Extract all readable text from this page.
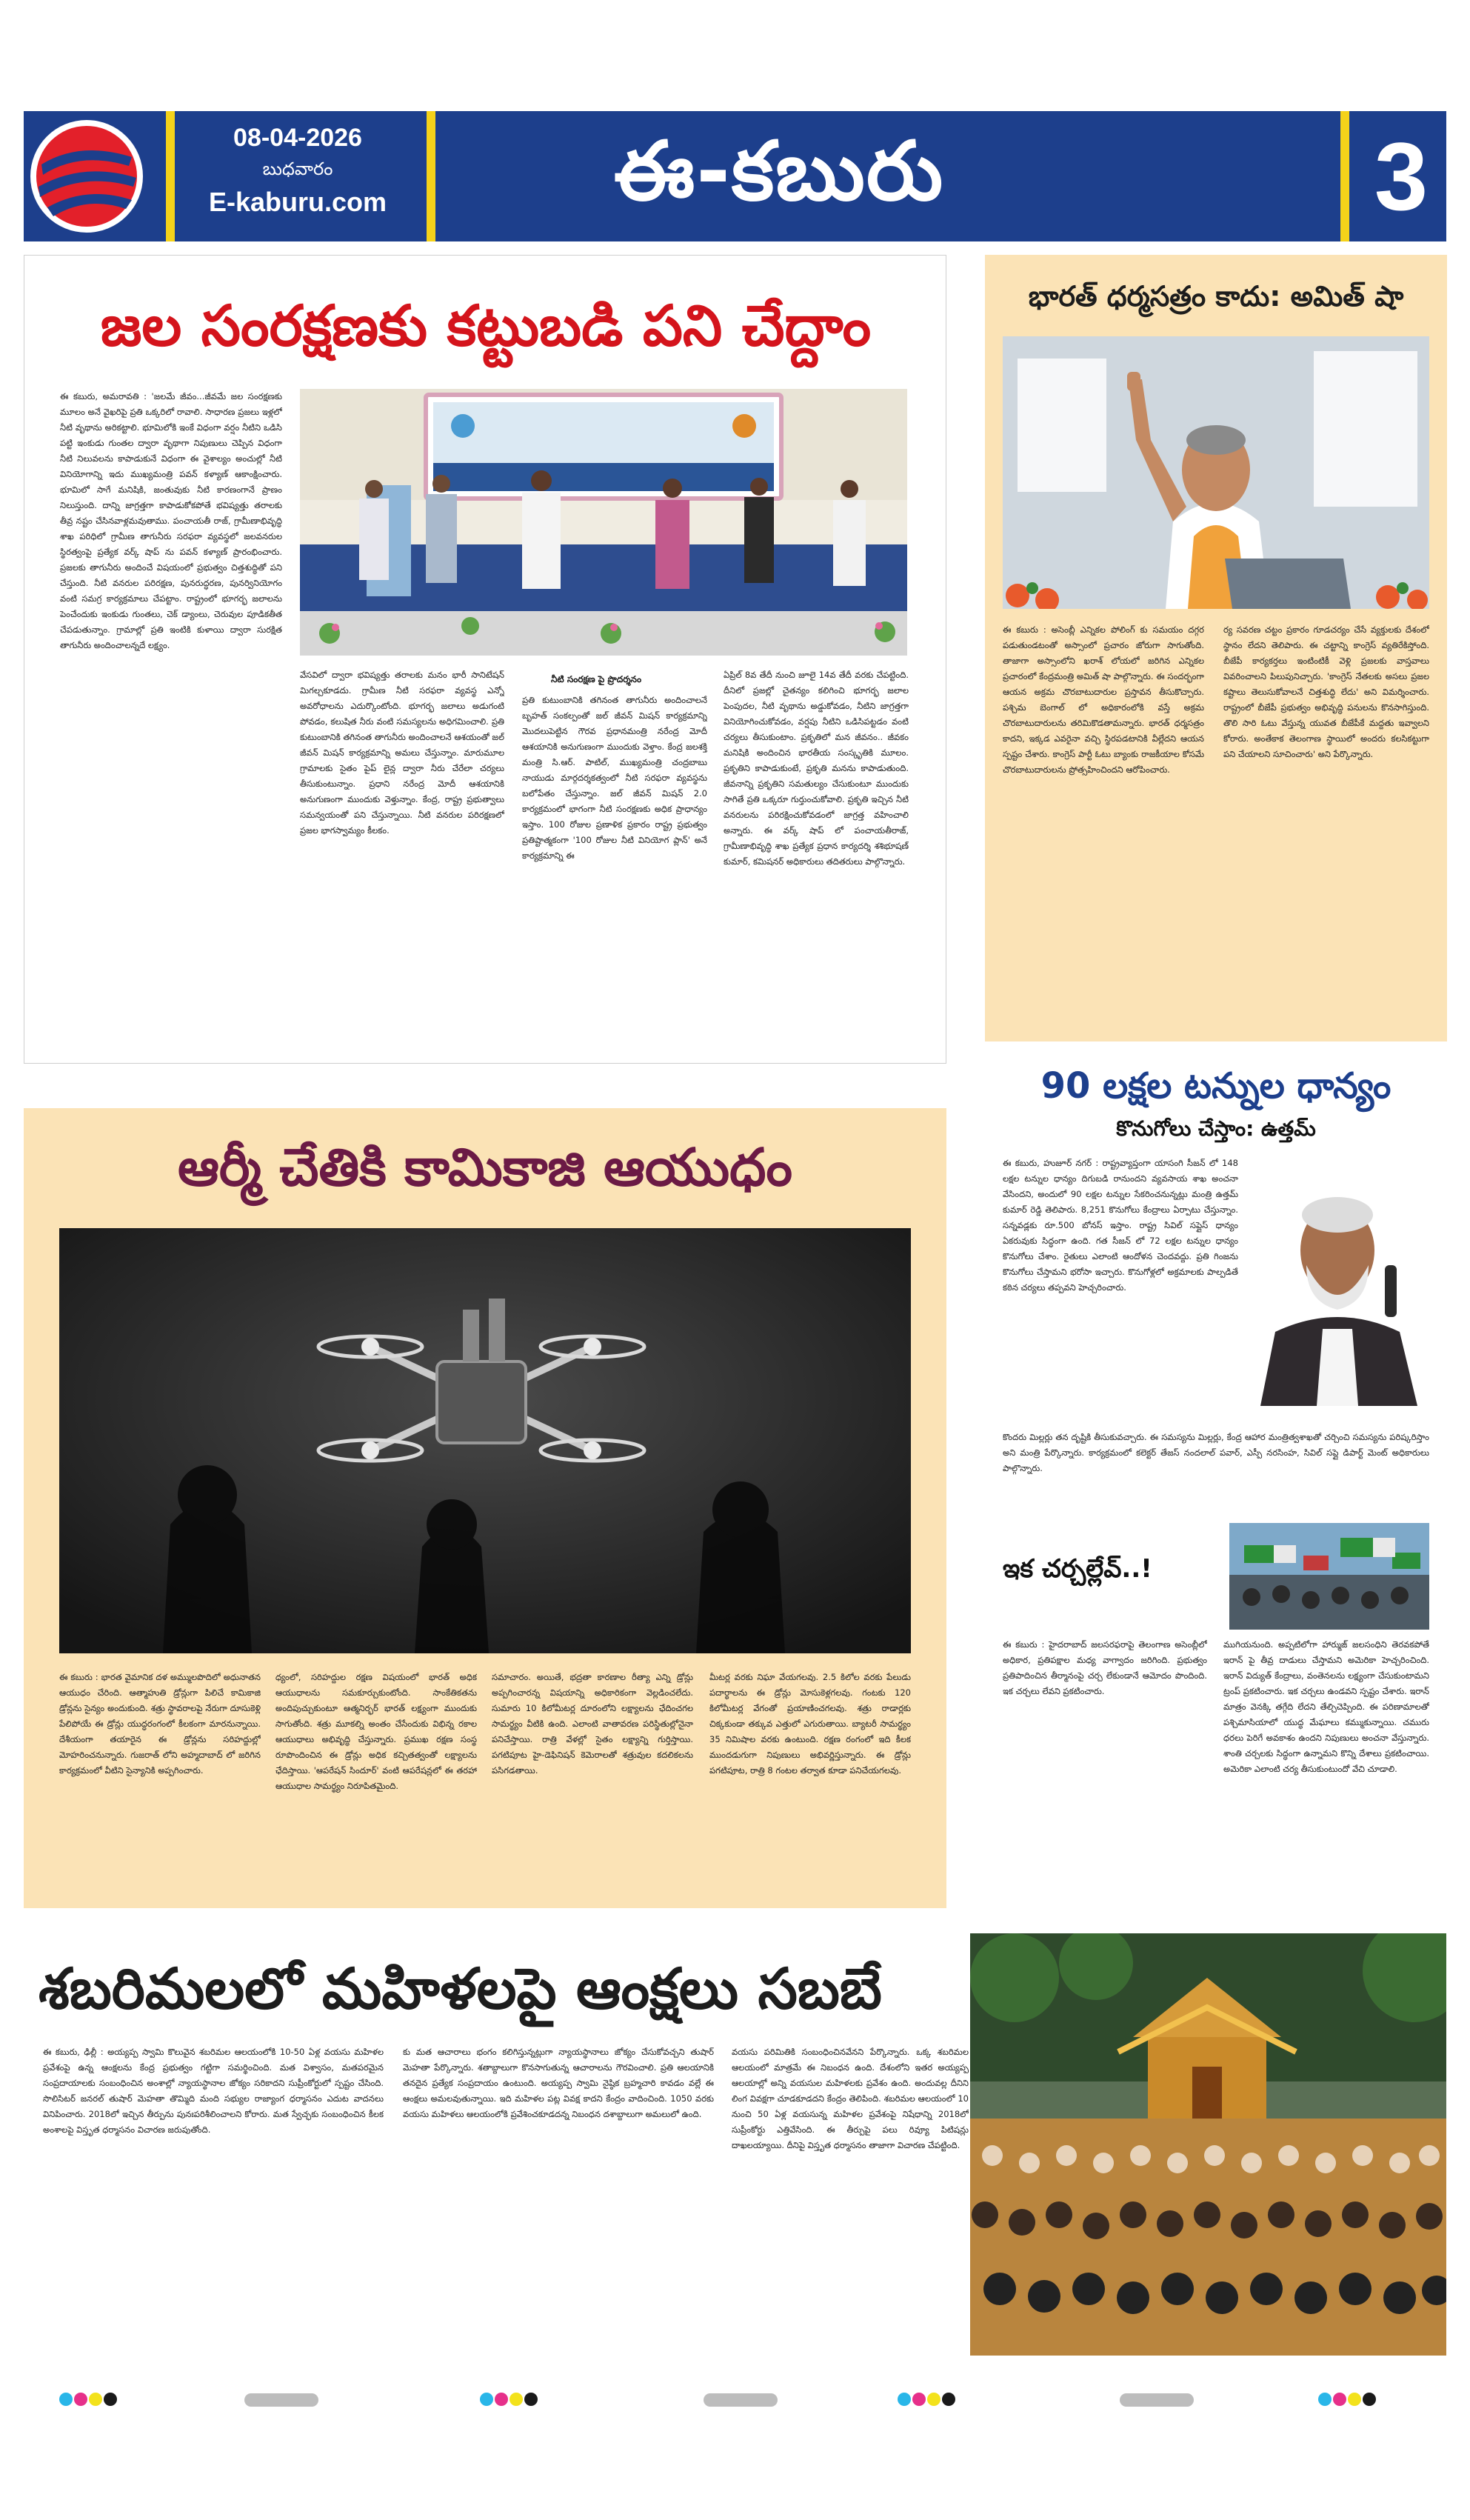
08-04-2026
బుధవారం
E-kaburu.com	ఈ-కబురు	3
జల సంరక్షణకు కట్టుబడి పని చేద్దాం

ఈ కబురు, అమరావతి : 'జలమే జీవం...జీవమే జల సంరక్షణకు మూలం అనే వైఖరిపై ప్రతి ఒక్కరిలో రావాలి. సాధారణ ప్రజలు ఇళ్లలో నీటి వృథాను అరికట్టాలి. భూమిలోకి ఇంకే విధంగా వర్షం నీటిని ఒడిసి పట్టి ఇంకుడు గుంతల ద్వారా వృథాగా నిపుణులు చెప్పిన విధంగా నీటి నిలువలను కాపాడుకునే విధంగా ఈ వైశాల్యం అంచుల్లో నీటి వినియోగాన్ని ఇదు ముఖ్యమంత్రి పవన్ కళ్యాణ్ ఆకాంక్షించారు. భూమిలో సాగే మనిషికి, జంతువుకు నీటి కారణంగానే ప్రాణం నిలుస్తుంది. దాన్ని జాగ్రత్తగా కాపాడుకోకపోతే భవిష్యత్తు తరాలకు తీవ్ర నష్టం చేసినవాళ్లమవుతాము. పంచాయతీ రాజ్, గ్రామీణాభివృద్ధి శాఖ పరిధిలో గ్రామీణ తాగునీరు సరఫరా వ్యవస్థలో జలవనరుల స్థిరత్వంపై ప్రత్యేక వర్క్ షాప్ ను పవన్ కళ్యాణ్ ప్రారంభించారు. ప్రజలకు తాగునీరు అందించే విషయంలో ప్రభుత్వం చిత్తశుద్ధితో పని చేస్తుంది. నీటి వనరుల పరిరక్షణ, పునరుద్ధరణ, పునర్వినియోగం వంటి సమగ్ర కార్యక్రమాలు చేపట్టాం. రాష్ట్రంలో భూగర్భ జలాలను పెంచేందుకు ఇంకుడు గుంతలు, చెక్ డ్యాంలు, చెరువుల పూడికతీత చేపడుతున్నాం. గ్రామాల్లో ప్రతి ఇంటికి కుళాయి ద్వారా సురక్షిత తాగునీరు అందించాలన్నదే లక్ష్యం.

నీటి సంరక్షణ పై ప్రొదర్శనం

వేసవిలో ద్వారా భవిష్యత్తు తరాలకు మనం భారీ సానిటేషన్ మిగల్చకూడదు. గ్రామీణ నీటి సరఫరా వ్యవస్థ ఎన్నో అవరోధాలను ఎదుర్కొంటోంది. భూగర్భ జలాలు అడుగంటి పోవడం, కలుషిత నీరు వంటి సమస్యలను అధిగమించాలి. ప్రతి కుటుంబానికి తగినంత తాగునీరు అందించాలనే ఆశయంతో జల్ జీవన్ మిషన్ కార్యక్రమాన్ని అమలు చేస్తున్నాం. మారుమూల గ్రామాలకు సైతం పైప్ లైన్ల ద్వారా నీరు చేరేలా చర్యలు తీసుకుంటున్నాం. ప్రధాని నరేంద్ర మోదీ ఆశయానికి అనుగుణంగా ముందుకు వెళ్తున్నాం. కేంద్ర, రాష్ట్ర ప్రభుత్వాలు సమన్వయంతో పని చేస్తున్నాయి. నీటి వనరుల పరిరక్షణలో ప్రజల భాగస్వామ్యం కీలకం.

ప్రతి కుటుంబానికి తగినంత తాగునీరు అందించాలనే బృహత్ సంకల్పంతో జల్ జీవన్ మిషన్ కార్యక్రమాన్ని మొదలుపెట్టిన గౌరవ ప్రధానమంత్రి నరేంద్ర మోదీ ఆశయానికి అనుగుణంగా ముందుకు వెళ్తాం. కేంద్ర జలశక్తి మంత్రి సి.ఆర్. పాటిల్, ముఖ్యమంత్రి చంద్రబాబు నాయుడు మార్గదర్శకత్వంలో నీటి సరఫరా వ్యవస్థను బలోపేతం చేస్తున్నాం. జల్ జీవన్ మిషన్ 2.0 కార్యక్రమంలో భాగంగా నీటి సంరక్షణకు అధిక ప్రాధాన్యం ఇస్తాం. 100 రోజుల ప్రణాళిక ప్రకారం రాష్ట్ర ప్రభుత్వం ప్రతిష్టాత్మకంగా '100 రోజుల నీటి వినియోగ ప్లాన్' అనే కార్యక్రమాన్ని ఈ

ఏప్రిల్ 8వ తేదీ నుంచి జూలై 14వ తేదీ వరకు చేపట్టింది. దీనిలో ప్రజల్లో చైతన్యం కలిగించి భూగర్భ జలాల పెంపుదల, నీటి వృథాను అడ్డుకోవడం, నీటిని జాగ్రత్తగా వినియోగించుకోవడం, వర్షపు నీటిని ఒడిసిపట్టడం వంటి చర్యలు తీసుకుంటాం. ప్రకృతిలో మన జీవనం.. జీవకం మనిషికి అందించిన భారతీయ సంస్కృతికి మూలం. ప్రకృతిని కాపాడుకుంటే, ప్రకృతి మనను కాపాడుతుంది. జీవనాన్ని ప్రకృతిని సమతుల్యం చేసుకుంటూ ముందుకు సాగితే ప్రతి ఒక్కరూ గుర్తుంచుకోవాలి. ప్రకృతి ఇచ్చిన నీటి వనరులను పరిరక్షించుకోవడంలో జాగ్రత్త వహించాలి అన్నారు. ఈ వర్క్ షాప్ లో పంచాయతీరాజ్, గ్రామీణాభివృద్ధి శాఖ ప్రత్యేక ప్రధాన కార్యదర్శి శశిభూషణ్ కుమార్, కమిషనర్ అధికారులు తదితరులు పాల్గొన్నారు.

భారత్ ధర్మసత్రం కాదు: అమిత్ షా

ఈ కబురు : అసెంబ్లీ ఎన్నికల పోలింగ్ కు సమయం దగ్గర పడుతుండటంతో అస్సాంలో ప్రచారం జోరుగా సాగుతోంది. తాజాగా అస్సాంలోని ఖరాశ్ లోయలో జరిగిన ఎన్నికల ప్రచారంలో కేంద్రమంత్రి అమిత్ షా పాల్గొన్నారు. ఈ సందర్భంగా ఆయన అక్రమ చొరబాటుదారుల ప్రస్తావన తీసుకొచ్చారు. పశ్చిమ బెంగాల్ లో అధికారంలోకి వస్తే అక్రమ చొరబాటుదారులను తరిమికొడతామన్నారు. భారత్ ధర్మసత్రం కాదని, ఇక్కడ ఎవరైనా వచ్చి స్థిరపడటానికి వీల్లేదని ఆయన స్పష్టం చేశారు. కాంగ్రెస్ పార్టీ ఓటు బ్యాంకు రాజకీయాల కోసమే చొరబాటుదారులను ప్రోత్సహించిందని ఆరోపించారు.

ర్య సవరణ చట్టం ప్రకారం గూడచర్యం చేసే వ్యక్తులకు దేశంలో స్థానం లేదని తెలిపారు. ఈ చట్టాన్ని కాంగ్రెస్ వ్యతిరేకిస్తోంది. బీజేపీ కార్యకర్తలు ఇంటింటికీ వెళ్లి ప్రజలకు వాస్తవాలు వివరించాలని పిలుపునిచ్చారు. 'కాంగ్రెస్ నేతలకు అసలు ప్రజల కష్టాలు తెలుసుకోవాలనే చిత్తశుద్ధి లేదు' అని విమర్శించారు. రాష్ట్రంలో బీజేపీ ప్రభుత్వం అభివృద్ధి పనులను కొనసాగిస్తుంది. తొలి సారి ఓటు వేస్తున్న యువత బీజేపీకే మద్దతు ఇవ్వాలని కోరారు. అంతేకాక తెలంగాణ స్థాయిలో అందరు కలసికట్టుగా పని చేయాలని సూచించారు' అని పేర్కొన్నారు.

90 లక్షల టన్నుల ధాన్యం
కొనుగోలు చేస్తాం: ఉత్తమ్

ఈ కబురు, హుజూర్ నగర్ : రాష్ట్రవ్యాప్తంగా యాసంగి సీజన్ లో 148 లక్షల టన్నుల ధాన్యం దిగుబడి రానుందని వ్యవసాయ శాఖ అంచనా వేసిందని, అందులో 90 లక్షల టన్నుల సేకరించనున్నట్లు మంత్రి ఉత్తమ్ కుమార్ రెడ్డి తెలిపారు. 8,251 కొనుగోలు కేంద్రాలు ఏర్పాటు చేస్తున్నాం. సన్నవడ్లకు రూ.500 బోనస్ ఇస్తాం. రాష్ట్ర సివిల్ సప్లైస్ ధాన్యం ఏకరువుకు సిద్ధంగా ఉంది. గత సీజన్ లో 72 లక్షల టన్నుల ధాన్యం కొనుగోలు చేశాం. రైతులు ఎలాంటి ఆందోళన చెందవద్దు. ప్రతి గింజను కొనుగోలు చేస్తామని భరోసా ఇచ్చారు. కొనుగోళ్లలో అక్రమాలకు పాల్పడితే కఠిన చర్యలు తప్పవని హెచ్చరించారు.

కొందరు మిల్లర్లు తన దృష్టికి తీసుకువచ్చారు. ఈ సమస్యను మిల్లర్లు, కేంద్ర ఆహార మంత్రిత్వశాఖతో చర్చించి సమస్యను పరిష్కరిస్తాం అని మంత్రి పేర్కొన్నారు. కార్యక్రమంలో కలెక్టర్ తేజస్ నందలాల్ పవార్, ఎస్పీ నరసింహ, సివిల్ సప్లై డిపార్ట్ మెంట్ అధికారులు పాల్గొన్నారు.

ఇక చర్చల్లేవ్..!

ఈ కబురు : హైదరాబాద్ జలసరఫరాపై తెలంగాణ అసెంబ్లీలో అధికార, ప్రతిపక్షాల మధ్య వాగ్వాదం జరిగింది. ప్రభుత్వం ప్రతిపాదించిన తీర్మానంపై చర్చ లేకుండానే ఆమోదం పొందింది. ఇక చర్చలు లేవని ప్రకటించారు.

ముగియనుంది. అప్పటిలోగా హార్ముజ్ జలసంధిని తెరవకపోతే ఇరాన్ పై తీవ్ర దాడులు చేస్తామని అమెరికా హెచ్చరించింది. ఇరాన్ విద్యుత్ కేంద్రాలు, వంతెనలను లక్ష్యంగా చేసుకుంటామని ట్రంప్ ప్రకటించారు. ఇక చర్చలు ఉండవని స్పష్టం చేశారు. ఇరాన్ మాత్రం వెనక్కి తగ్గేది లేదని తేల్చిచెప్పింది. ఈ పరిణామాలతో పశ్చిమాసియాలో యుద్ధ మేఘాలు కమ్ముకున్నాయి. చమురు ధరలు పెరిగే అవకాశం ఉందని నిపుణులు అంచనా వేస్తున్నారు. శాంతి చర్చలకు సిద్ధంగా ఉన్నామని కొన్ని దేశాలు ప్రకటించాయి. అమెరికా ఎలాంటి చర్య తీసుకుంటుందో వేచి చూడాలి.

ఆర్మీ చేతికి కామికాజి ఆయుధం

ఈ కబురు : భారత వైమానిక దళ అమ్ములపొదిలో అధునాతన ఆయుధం చేరింది. ఆత్మాహుతి డ్రోన్లుగా పిలిచే కామికాజి డ్రోన్లను సైన్యం అందుకుంది. శత్రు స్థావరాలపై నేరుగా దూసుకెళ్లి పేలిపోయే ఈ డ్రోన్లు యుద్ధరంగంలో కీలకంగా మారనున్నాయి. దేశీయంగా తయారైన ఈ డ్రోన్లను సరిహద్దుల్లో మోహరించనున్నారు. గుజరాత్ లోని అహ్మదాబాద్ లో జరిగిన కార్యక్రమంలో వీటిని సైన్యానికి అప్పగించారు.

ధ్యంలో, సరిహద్దుల రక్షణ విషయంలో భారత్ అధిక ఆయుధాలను సమకూర్చుకుంటోంది. సాంకేతికతను అందిపుచ్చుకుంటూ ఆత్మనిర్భర్ భారత్ లక్ష్యంగా ముందుకు సాగుతోంది. శత్రు మూకల్ని అంతం చేసేందుకు విభిన్న రకాల ఆయుధాలు అభివృద్ధి చేస్తున్నారు. ప్రముఖ రక్షణ సంస్థ రూపొందించిన ఈ డ్రోన్లు అధిక కచ్చితత్వంతో లక్ష్యాలను ఛేదిస్తాయి. 'ఆపరేషన్ సిందూర్' వంటి ఆపరేషన్లలో ఈ తరహా ఆయుధాల సామర్థ్యం నిరూపితమైంది.

సమాచారం. అయితే, భద్రతా కారణాల రీత్యా ఎన్ని డ్రోన్లు అప్పగించారన్న విషయాన్ని అధికారికంగా వెల్లడించలేదు. సుమారు 10 కిలోమీటర్ల దూరంలోని లక్ష్యాలను ఛేదించగల సామర్థ్యం వీటికి ఉంది. ఎలాంటి వాతావరణ పరిస్థితుల్లోనైనా పనిచేస్తాయి. రాత్రి వేళల్లో సైతం లక్ష్యాన్ని గుర్తిస్తాయి. పగటిపూట హై-డెఫినిషన్ కెమెరాలతో శత్రువుల కదలికలను పసిగడతాయి.

మీటర్ల వరకు నిఘా వేయగలవు. 2.5 కిలోల వరకు పేలుడు పదార్థాలను ఈ డ్రోన్లు మోసుకెళ్లగలవు. గంటకు 120 కిలోమీటర్ల వేగంతో ప్రయాణించగలవు. శత్రు రాడార్లకు చిక్కకుండా తక్కువ ఎత్తులో ఎగురుతాయి. బ్యాటరీ సామర్థ్యం 35 నిమిషాల వరకు ఉంటుంది. రక్షణ రంగంలో ఇది కీలక ముందడుగుగా నిపుణులు అభివర్ణిస్తున్నారు. ఈ డ్రోన్లు పగటిపూట, రాత్రి 8 గంటల తర్వాత కూడా పనిచేయగలవు.

శబరిమలలో మహిళలపై ఆంక్షలు సబబే

ఈ కబురు, ఢిల్లీ : అయ్యప్ప స్వామి కొలువైన శబరిమల ఆలయంలోకి 10-50 ఏళ్ల వయసు మహిళల ప్రవేశంపై ఉన్న ఆంక్షలను కేంద్ర ప్రభుత్వం గట్టిగా సమర్థించింది. మత విశ్వాసం, మతపరమైన సంప్రదాయాలకు సంబంధించిన అంశాల్లో న్యాయస్థానాల జోక్యం సరికాదని సుప్రీంకోర్టులో స్పష్టం చేసింది. సొలిసిటర్ జనరల్ తుషార్ మెహతా తొమ్మిది మంది సభ్యుల రాజ్యాంగ ధర్మాసనం ఎదుట వాదనలు వినిపించారు. 2018లో ఇచ్చిన తీర్పును పునఃపరిశీలించాలని కోరారు. మత స్వేచ్ఛకు సంబంధించిన కీలక అంశాలపై విస్తృత ధర్మాసనం విచారణ జరుపుతోంది.

కు మత ఆచారాలు భంగం కలిగిస్తున్నట్లుగా న్యాయస్థానాలు జోక్యం చేసుకోవచ్చని తుషార్ మెహతా పేర్కొన్నారు. శతాబ్దాలుగా కొనసాగుతున్న ఆచారాలను గౌరవించాలి. ప్రతి ఆలయానికి తనదైన ప్రత్యేక సంప్రదాయం ఉంటుంది. అయ్యప్ప స్వామి నైష్ఠిక బ్రహ్మచారి కావడం వల్లే ఈ ఆంక్షలు అమలవుతున్నాయి. ఇది మహిళల పట్ల వివక్ష కాదని కేంద్రం వాదించింది. 1050 వరకు వయసు మహిళలు ఆలయంలోకి ప్రవేశించకూడదన్న నిబంధన దశాబ్దాలుగా అమలులో ఉంది.

వయసు పరిమితికి సంబంధించినవేనని పేర్కొన్నారు. ఒక్క శబరిమల ఆలయంలో మాత్రమే ఈ నిబంధన ఉంది. దేశంలోని ఇతర అయ్యప్ప ఆలయాల్లో అన్ని వయసుల మహిళలకు ప్రవేశం ఉంది. అందువల్ల దీనిని లింగ వివక్షగా చూడకూడదని కేంద్రం తెలిపింది. శబరిమల ఆలయంలో 10 నుంచి 50 ఏళ్ల వయసున్న మహిళల ప్రవేశంపై నిషేధాన్ని 2018లో సుప్రీంకోర్టు ఎత్తివేసింది. ఈ తీర్పుపై పలు రివ్యూ పిటిషన్లు దాఖలయ్యాయి. దీనిపై విస్తృత ధర్మాసనం తాజాగా విచారణ చేపట్టింది.
